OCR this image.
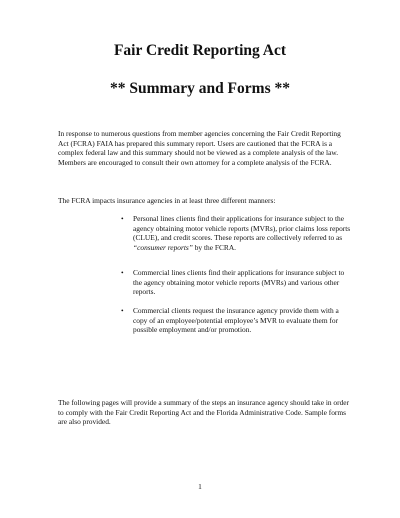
Fair Credit Reporting Act
** Summary and Forms **

In response to numerous questions from member agencies concerning the Fair Credit Reporting Act (FCRA) FAIA has prepared this summary report. Users are cautioned that the FCRA is a complex federal law and this summary should not be viewed as a complete analysis of the law. Members are encouraged to consult their own attorney for a complete analysis of the FCRA.

The FCRA impacts insurance agencies in at least three different manners:

• Personal lines clients find their applications for insurance subject to the agency obtaining motor vehicle reports (MVRs), prior claims loss reports (CLUE), and credit scores. These reports are collectively referred to as “consumer reports” by the FCRA.
• Commercial lines clients find their applications for insurance subject to the agency obtaining motor vehicle reports (MVRs) and various other reports.
• Commercial clients request the insurance agency provide them with a copy of an employee/potential employee’s MVR to evaluate them for possible employment and/or promotion.

The following pages will provide a summary of the steps an insurance agency should take in order to comply with the Fair Credit Reporting Act and the Florida Administrative Code. Sample forms are also provided.

1
